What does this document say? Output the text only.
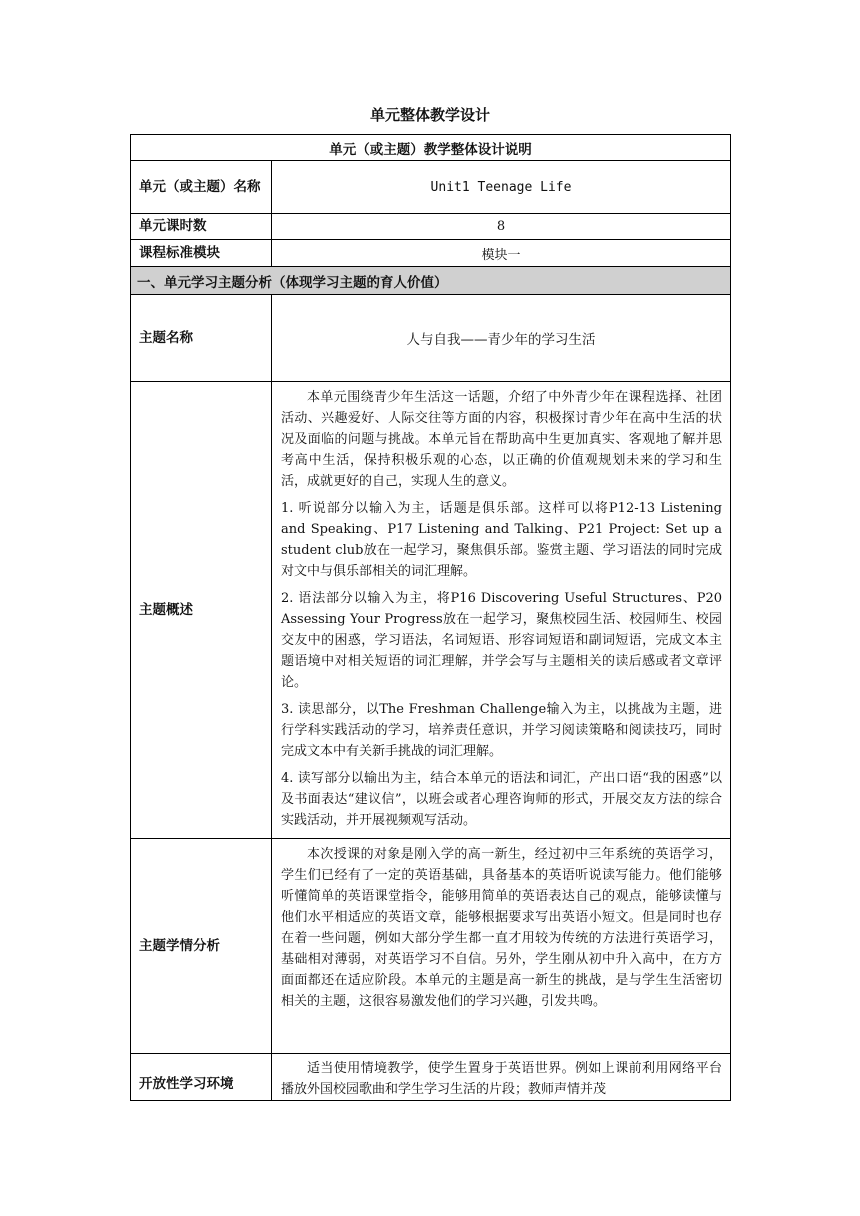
单元整体教学设计
单元（或主题）教学整体设计说明	
单元（或主题）名称	Unit1 Teenage Life
单元课时数	8
课程标准模块	模块一
一、单元学习主题分析（体现学习主题的育人价值）	
主题名称	人与自我——青少年的学习生活
主题概述	本单元围绕青少年生活这一话题，介绍了中外青少年在课程选择、社团活动、兴趣爱好、人际交往等方面的内容，积极探讨青少年在高中生活的状况及面临的问题与挑战。本单元旨在帮助高中生更加真实、客观地了解并思考高中生活，保持积极乐观的心态，以正确的价值观规划未来的学习和生活，成就更好的自己，实现人生的意义。

1. 听说部分以输入为主，话题是俱乐部。这样可以将P12-13 Listening and Speaking、P17 Listening and Talking、P21 Project: Set up a student club放在一起学习，聚焦俱乐部。鉴赏主题、学习语法的同时完成对文中与俱乐部相关的词汇理解。

2. 语法部分以输入为主，将P16 Discovering Useful Structures、P20 Assessing Your Progress放在一起学习，聚焦校园生活、校园师生、校园交友中的困惑，学习语法，名词短语、形容词短语和副词短语，完成文本主题语境中对相关短语的词汇理解，并学会写与主题相关的读后感或者文章评论。

3. 读思部分，以The Freshman Challenge输入为主，以挑战为主题，进行学科实践活动的学习，培养责任意识，并学习阅读策略和阅读技巧，同时完成文本中有关新手挑战的词汇理解。

4. 读写部分以输出为主，结合本单元的语法和词汇，产出口语“我的困惑”以及书面表达“建议信”，以班会或者心理咨询师的形式，开展交友方法的综合实践活动，并开展视频观写活动。

主题学情分析	本次授课的对象是刚入学的高一新生，经过初中三年系统的英语学习，学生们已经有了一定的英语基础，具备基本的英语听说读写能力。他们能够听懂简单的英语课堂指令，能够用简单的英语表达自己的观点，能够读懂与他们水平相适应的英语文章，能够根据要求写出英语小短文。但是同时也存在着一些问题，例如大部分学生都一直才用较为传统的方法进行英语学习，基础相对薄弱，对英语学习不自信。另外，学生刚从初中升入高中，在方方面面都还在适应阶段。本单元的主题是高一新生的挑战，是与学生生活密切相关的主题，这很容易激发他们的学习兴趣，引发共鸣。

开放性学习环境	适当使用情境教学，使学生置身于英语世界。例如上课前利用网络平台播放外国校园歌曲和学生学习生活的片段；教师声情并茂
